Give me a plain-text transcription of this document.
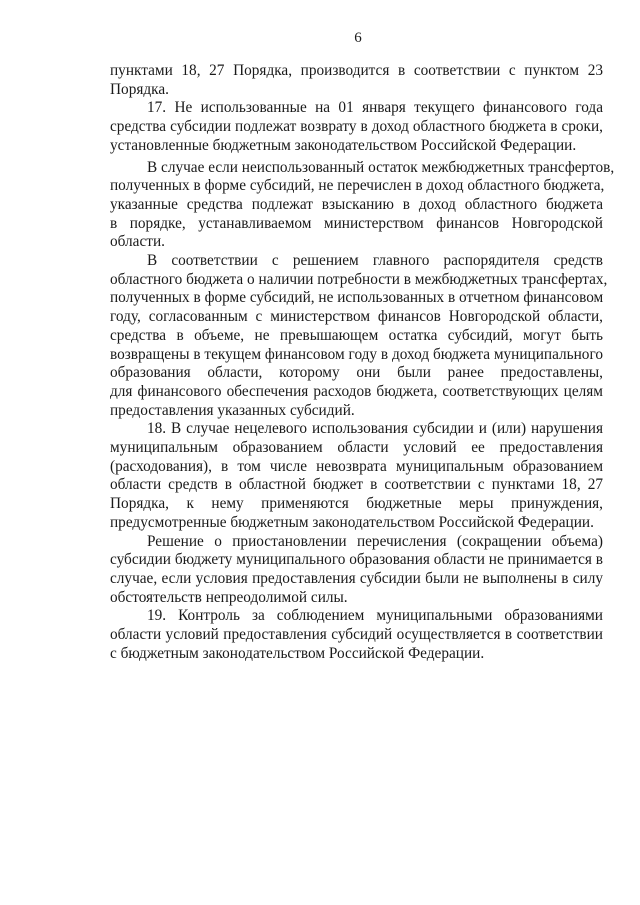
6

пунктами 18, 27 Порядка, производится в соответствии с пунктом 23
Порядка.

17. Не использованные на 01 января текущего финансового года
средства субсидии подлежат возврату в доход областного бюджета в сроки,
установленные бюджетным законодательством Российской Федерации.

В случае если неиспользованный остаток межбюджетных трансфертов,
полученных в форме субсидий, не перечислен в доход областного бюджета,
указанные средства подлежат взысканию в доход областного бюджета
в порядке, устанавливаемом министерством финансов Новгородской
области.

В соответствии с решением главного распорядителя средств
областного бюджета о наличии потребности в межбюджетных трансфертах,
полученных в форме субсидий, не использованных в отчетном финансовом
году, согласованным с министерством финансов Новгородской области,
средства в объеме, не превышающем остатка субсидий, могут быть
возвращены в текущем финансовом году в доход бюджета муниципального
образования области, которому они были ранее предоставлены,
для финансового обеспечения расходов бюджета, соответствующих целям
предоставления указанных субсидий.

18. В случае нецелевого использования субсидии и (или) нарушения
муниципальным образованием области условий ее предоставления
(расходования), в том числе невозврата муниципальным образованием
области средств в областной бюджет в соответствии с пунктами 18, 27
Порядка, к нему применяются бюджетные меры принуждения,
предусмотренные бюджетным законодательством Российской Федерации.

Решение о приостановлении перечисления (сокращении объема)
субсидии бюджету муниципального образования области не принимается в
случае, если условия предоставления субсидии были не выполнены в силу
обстоятельств непреодолимой силы.

19. Контроль за соблюдением муниципальными образованиями
области условий предоставления субсидий осуществляется в соответствии
с бюджетным законодательством Российской Федерации.
